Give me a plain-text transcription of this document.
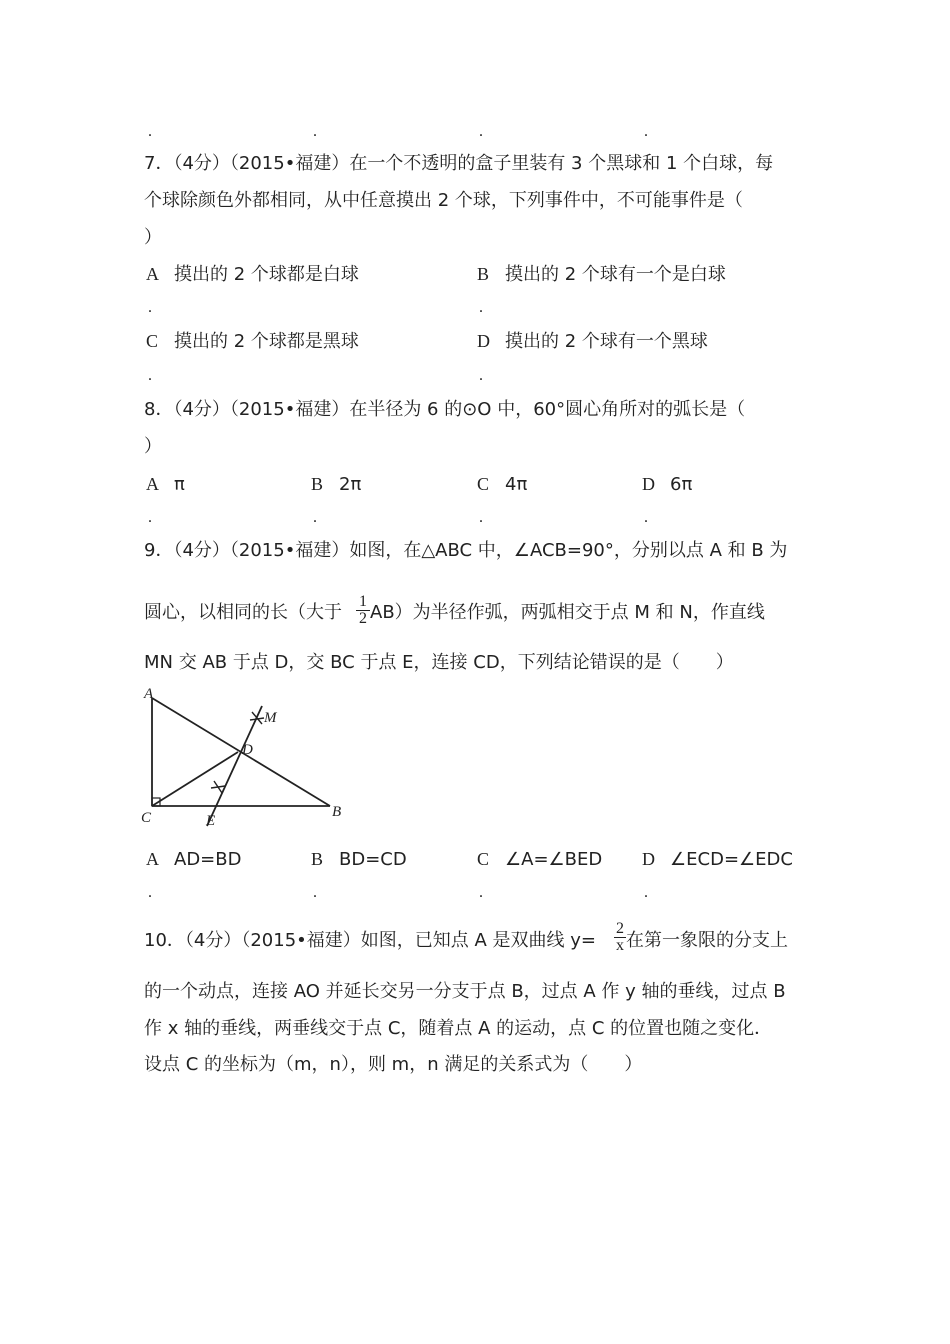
.	.	.	.
7．（4分）（2015•福建）在一个不透明的盒子里装有 3 个黑球和 1 个白球，每
个球除颜色外都相同，从中任意摸出 2 个球，下列事件中，不可能事件是（
）
A 摸出的 2 个球都是白球
.
B 摸出的 2 个球有一个是白球
.
C 摸出的 2 个球都是黑球
.
D 摸出的 2 个球有一个黑球
.
8．（4分）（2015•福建）在半径为 6 的⊙O 中，60°圆心角所对的弧长是（
）
A π
.
B 2π
.
C 4π
.
D 6π
.
9．（4分）（2015•福建）如图，在△ABC 中，∠ACB=90°，分别以点 A 和 B 为
圆心，以相同的长（大于 $\frac{1}{2} AB$）为半径作弧，两弧相交于点 M 和 N，作直线
MN 交 AB 于点 D，交 BC 于点 E，连接 CD，下列结论错误的是（　　）
A
C	B
D
E
M
A AD=BD
.
B BD=CD
.
C ∠A=∠BED
.
D ∠ECD=∠EDC
.
10．（4分）（2015•福建）如图，已知点 A 是双曲线 $y= \frac{2}{x}$ 在第一象限的分支上
的一个动点，连接 AO 并延长交另一分支于点 B，过点 A 作 y 轴的垂线，过点 B
作 x 轴的垂线，两垂线交于点 C，随着点 A 的运动，点 C 的位置也随之变化．
设点 C 的坐标为（m，n），则 m，n 满足的关系式为（　　）
